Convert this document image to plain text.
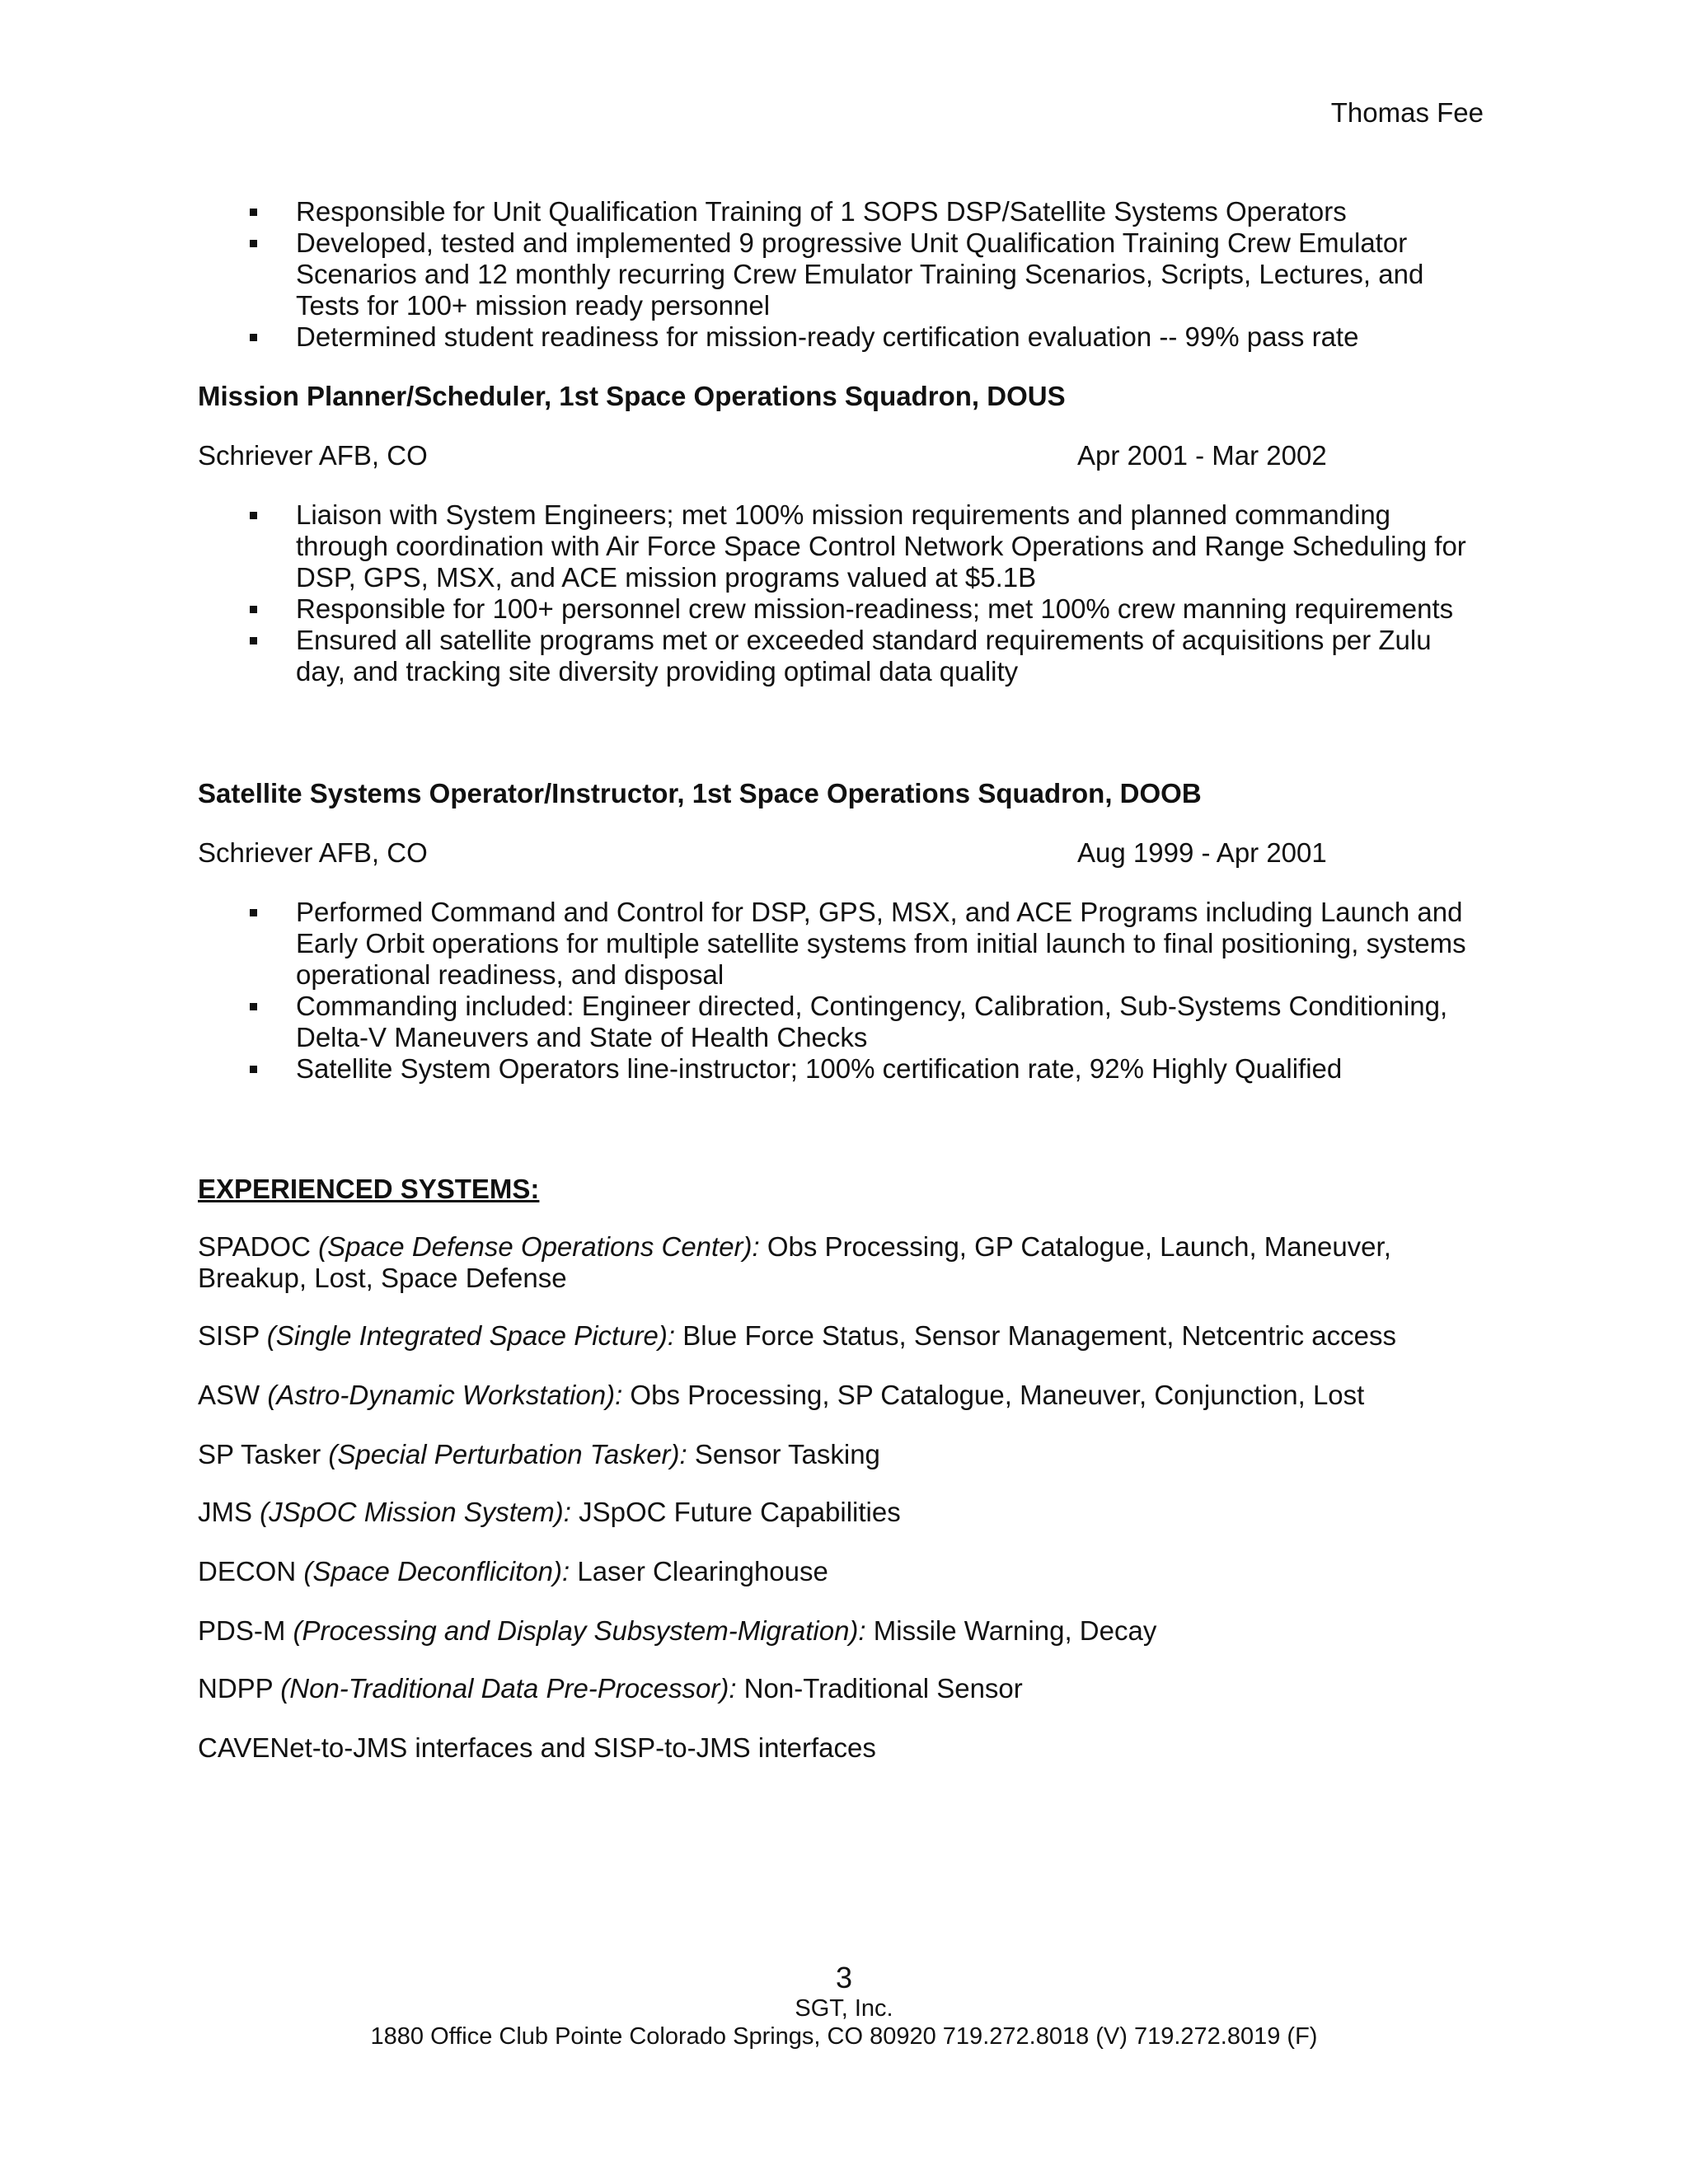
Thomas Fee
Responsible for Unit Qualification Training of 1 SOPS DSP/Satellite Systems Operators
Developed, tested and implemented 9 progressive Unit Qualification Training Crew Emulator Scenarios and 12 monthly recurring Crew Emulator Training Scenarios, Scripts, Lectures, and Tests for 100+ mission ready personnel
Determined student readiness for mission-ready certification evaluation -- 99% pass rate
Mission Planner/Scheduler, 1st Space Operations Squadron, DOUS
Schriever AFB, CO	Apr 2001 - Mar 2002
Liaison with System Engineers; met 100% mission requirements and planned commanding through coordination with Air Force Space Control Network Operations and Range Scheduling for DSP, GPS, MSX, and ACE mission programs valued at $5.1B
Responsible for 100+ personnel crew mission-readiness; met 100% crew manning requirements
Ensured all satellite programs met or exceeded standard requirements of acquisitions per Zulu day, and tracking site diversity providing optimal data quality
Satellite Systems Operator/Instructor, 1st Space Operations Squadron, DOOB
Schriever AFB, CO	Aug 1999 - Apr 2001
Performed Command and Control for DSP, GPS, MSX, and ACE Programs including Launch and Early Orbit operations for multiple satellite systems from initial launch to final positioning, systems operational readiness, and disposal
Commanding included: Engineer directed, Contingency, Calibration, Sub-Systems Conditioning, Delta-V Maneuvers and State of Health Checks
Satellite System Operators line-instructor; 100% certification rate, 92% Highly Qualified
EXPERIENCED SYSTEMS:
SPADOC (Space Defense Operations Center): Obs Processing, GP Catalogue, Launch, Maneuver, Breakup, Lost, Space Defense
SISP (Single Integrated Space Picture): Blue Force Status, Sensor Management, Netcentric access
ASW (Astro-Dynamic Workstation): Obs Processing, SP Catalogue, Maneuver, Conjunction, Lost
SP Tasker (Special Perturbation Tasker): Sensor Tasking
JMS (JSpOC Mission System): JSpOC Future Capabilities
DECON (Space Deconfliciton): Laser Clearinghouse
PDS-M (Processing and Display Subsystem-Migration): Missile Warning, Decay
NDPP (Non-Traditional Data Pre-Processor): Non-Traditional Sensor
CAVENet-to-JMS interfaces and SISP-to-JMS interfaces
3
SGT, Inc.
1880 Office Club Pointe Colorado Springs, CO 80920 719.272.8018 (V) 719.272.8019 (F)
